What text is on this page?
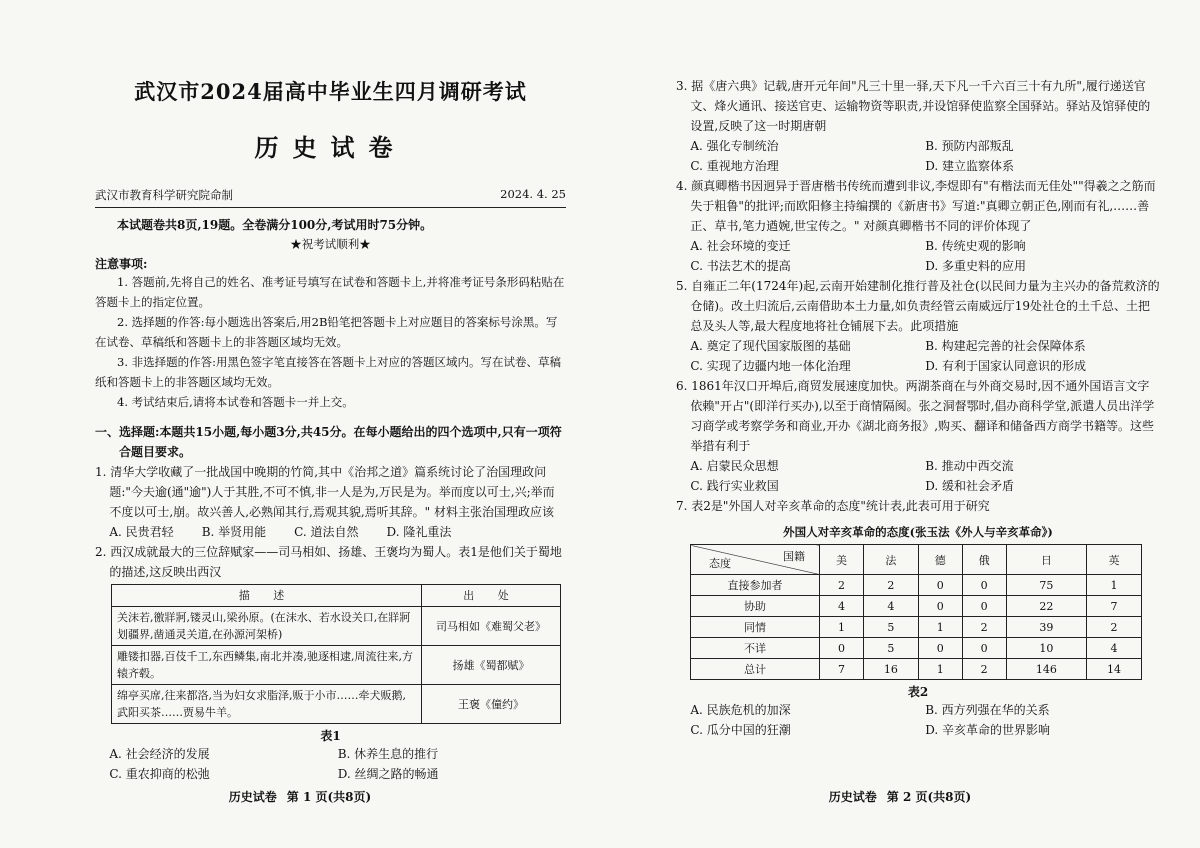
武汉市2024届高中毕业生四月调研考试
历史试卷
武汉市教育科学研究院命制	2024. 4. 25

本试题卷共8页,19题。全卷满分100分,考试用时75分钟。

★祝考试顺利★

注意事项:

1. 答题前,先将自己的姓名、准考证号填写在试卷和答题卡上,并将准考证号条形码粘贴在答题卡上的指定位置。

2. 选择题的作答:每小题选出答案后,用2B铅笔把答题卡上对应题目的答案标号涂黑。写在试卷、草稿纸和答题卡上的非答题区域均无效。

3. 非选择题的作答:用黑色签字笔直接答在答题卡上对应的答题区域内。写在试卷、草稿纸和答题卡上的非答题区域均无效。

4. 考试结束后,请将本试卷和答题卡一并上交。

一、选择题:本题共15小题,每小题3分,共45分。在每小题给出的四个选项中,只有一项符合题目要求。

1. 清华大学收藏了一批战国中晚期的竹简,其中《治邦之道》篇系统讨论了治国理政问题:"今夫逾(通"逾")人于其胜,不可不慎,非一人是为,万民是为。举而度以可士,兴;举而不度以可士,崩。故兴善人,必熟闻其行,焉观其貌,焉听其辞。" 材料主张治国理政应该

A. 民贵君轻 B. 举贤用能 C. 道法自然 D. 隆礼重法

2. 西汉成就最大的三位辞赋家——司马相如、扬雄、王褒均为蜀人。表1是他们关于蜀地的描述,这反映出西汉

描 述	出 处
关沫若,徼牂牁,镂灵山,梁孙原。(在沫水、若水设关口,在牂牁划疆界,凿通灵关道,在孙源河架桥)	司马相如《难蜀父老》
雕镂扣器,百伎千工,东西鳞集,南北并凑,驰逐相逮,周流往来,方辕齐毂。	扬雄《蜀都赋》
绵亭买席,往来都洛,当为妇女求脂泽,贩于小市……牵犬贩鹅,武阳买茶……贾易牛羊。	王褒《僮约》
表1
A. 社会经济的发展	B. 休养生息的推行
C. 重农抑商的松弛	D. 丝绸之路的畅通
历史试卷 第 1 页(共8页)

3. 据《唐六典》记载,唐开元年间"凡三十里一驿,天下凡一千六百三十有九所",履行递送官文、烽火通讯、接送官吏、运输物资等职责,并设馆驿使监察全国驿站。驿站及馆驿使的设置,反映了这一时期唐朝

A. 强化专制统治	B. 预防内部叛乱
C. 重视地方治理	D. 建立监察体系

4. 颜真卿楷书因迥异于晋唐楷书传统而遭到非议,李煜即有"有楷法而无佳处""得羲之之筋而失于粗鲁"的批评;而欧阳修主持编撰的《新唐书》写道:"真卿立朝正色,刚而有礼,……善正、草书,笔力遒婉,世宝传之。" 对颜真卿楷书不同的评价体现了

A. 社会环境的变迁	B. 传统史观的影响
C. 书法艺术的提高	D. 多重史料的应用

5. 自雍正二年(1724年)起,云南开始建制化推行普及社仓(以民间力量为主兴办的备荒救济的仓储)。改土归流后,云南借助本土力量,如负责经管云南威远厅19处社仓的土千总、土把总及头人等,最大程度地将社仓铺展下去。此项措施

A. 奠定了现代国家版图的基础	B. 构建起完善的社会保障体系
C. 实现了边疆内地一体化治理	D. 有利于国家认同意识的形成

6. 1861年汉口开埠后,商贸发展速度加快。两湖茶商在与外商交易时,因不通外国语言文字依赖"开占"(即洋行买办),以至于商情隔阂。张之洞督鄂时,倡办商科学堂,派遣人员出洋学习商学或考察学务和商业,开办《湖北商务报》,购买、翻译和储备西方商学书籍等。这些举措有利于

A. 启蒙民众思想	B. 推动中西交流
C. 践行实业救国	D. 缓和社会矛盾

7. 表2是"外国人对辛亥革命的态度"统计表,此表可用于研究

外国人对辛亥革命的态度(张玉法《外人与辛亥革命》)
国籍
态度	美	法	德	俄	日	英
直接参加者	2	2	0	0	75	1
协助	4	4	0	0	22	7
同情	1	5	1	2	39	2
不详	0	5	0	0	10	4
总计	7	16	1	2	146	14
表2
A. 民族危机的加深	B. 西方列强在华的关系
C. 瓜分中国的狂潮	D. 辛亥革命的世界影响
历史试卷 第 2 页(共8页)
